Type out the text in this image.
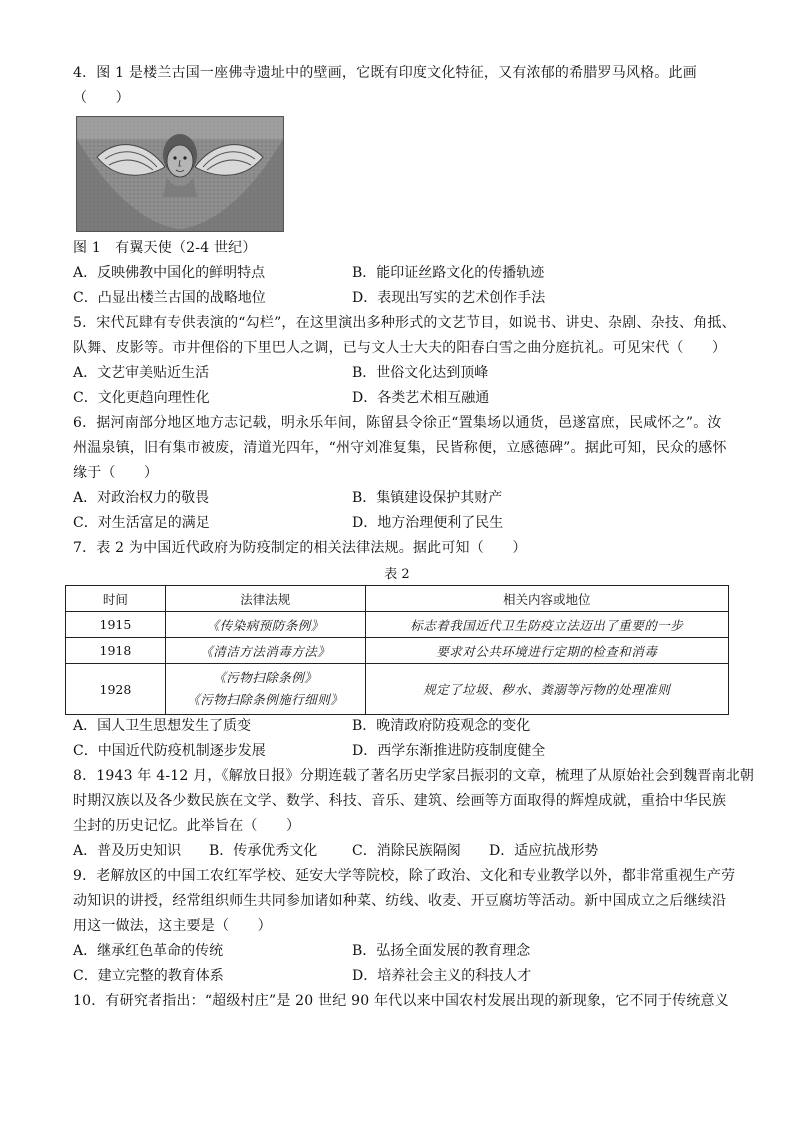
4．图 1 是楼兰古国一座佛寺遗址中的壁画，它既有印度文化特征，又有浓郁的希腊罗马风格。此画
（　　）
图 1　有翼天使（2-4 世纪）
A．反映佛教中国化的鲜明特点	B．能印证丝路文化的传播轨迹
C．凸显出楼兰古国的战略地位	D．表现出写实的艺术创作手法
5．宋代瓦肆有专供表演的“勾栏”，在这里演出多种形式的文艺节目，如说书、讲史、杂剧、杂技、角抵、
队舞、皮影等。市井俚俗的下里巴人之调，已与文人士大夫的阳春白雪之曲分庭抗礼。可见宋代（　　）
A．文艺审美贴近生活	B．世俗文化达到顶峰
C．文化更趋向理性化	D．各类艺术相互融通
6．据河南部分地区地方志记载，明永乐年间，陈留县令徐正“置集场以通货，邑遂富庶，民咸怀之”。汝
州温泉镇，旧有集市被废，清道光四年，“州守刘准复集，民皆称便，立感德碑”。据此可知，民众的感怀
缘于（　　）
A．对政治权力的敬畏	B．集镇建设保护其财产
C．对生活富足的满足	D．地方治理便利了民生
7．表 2 为中国近代政府为防疫制定的相关法律法规。据此可知（　　）
表 2
时间	法律法规	相关内容或地位
1915	《传染病预防条例》	标志着我国近代卫生防疫立法迈出了重要的一步
1918	《清洁方法消毒方法》	要求对公共环境进行定期的检查和消毒
1928	《污物扫除条例》
《污物扫除条例施行细则》	规定了垃圾、秽水、粪溺等污物的处理准则
A．国人卫生思想发生了质变	B．晚清政府防疫观念的变化
C．中国近代防疫机制逐步发展	D．西学东渐推进防疫制度健全
8．1943 年 4-12 月，《解放日报》分期连载了著名历史学家吕振羽的文章，梳理了从原始社会到魏晋南北朝
时期汉族以及各少数民族在文学、数学、科技、音乐、建筑、绘画等方面取得的辉煌成就，重拾中华民族
尘封的历史记忆。此举旨在（　　）
A．普及历史知识 B．传承优秀文化 C．消除民族隔阂 D．适应抗战形势
9．老解放区的中国工农红军学校、延安大学等院校，除了政治、文化和专业教学以外，都非常重视生产劳
动知识的讲授，经常组织师生共同参加诸如种菜、纺线、收麦、开豆腐坊等活动。新中国成立之后继续沿
用这一做法，这主要是（　　）
A．继承红色革命的传统	B．弘扬全面发展的教育理念
C．建立完整的教育体系	D．培养社会主义的科技人才
10．有研究者指出：“超级村庄”是 20 世纪 90 年代以来中国农村发展出现的新现象，它不同于传统意义
